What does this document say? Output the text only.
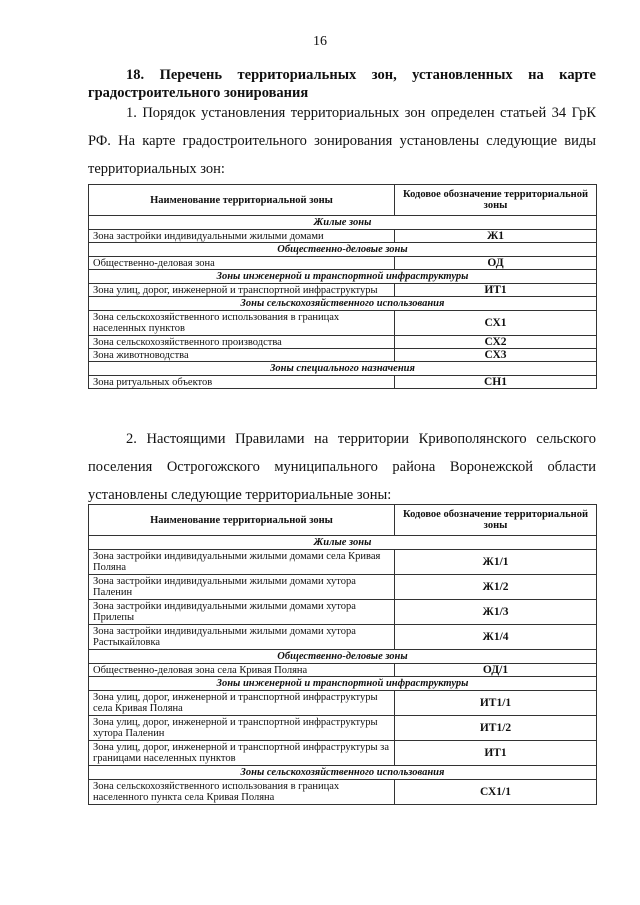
16
18. Перечень территориальных зон, установленных на карте градостроительного зонирования
1. Порядок установления территориальных зон определен статьей 34 ГрК РФ. На карте градостроительного зонирования установлены следующие виды территориальных зон:
Наименование территориальной зоны	Кодовое обозначение территориальной зоны
Жилые зоны	
Зона застройки индивидуальными жилыми домами	Ж1
Общественно-деловые зоны	
Общественно-деловая зона	ОД
Зоны инженерной и транспортной инфраструктуры	
Зона улиц, дорог, инженерной и транспортной инфраструктуры	ИТ1
Зоны сельскохозяйственного использования	
Зона сельскохозяйственного использования в границах населенных пунктов	СХ1
Зона сельскохозяйственного производства	СХ2
Зона животноводства	СХ3
Зоны специального назначения	
Зона ритуальных объектов	СН1
2. Настоящими Правилами на территории Кривополянского сельского поселения Острогожского муниципального района Воронежской области установлены следующие территориальные зоны:
Наименование территориальной зоны	Кодовое обозначение территориальной зоны
Жилые зоны	
Зона застройки индивидуальными жилыми домами села Кривая Поляна	Ж1/1
Зона застройки индивидуальными жилыми домами хутора Паленин	Ж1/2
Зона застройки индивидуальными жилыми домами хутора Прилепы	Ж1/3
Зона застройки индивидуальными жилыми домами хутора Растыкайловка	Ж1/4
Общественно-деловые зоны	
Общественно-деловая зона села Кривая Поляна	ОД/1
Зоны инженерной и транспортной инфраструктуры	
Зона улиц, дорог, инженерной и транспортной инфраструктуры села Кривая Поляна	ИТ1/1
Зона улиц, дорог, инженерной и транспортной инфраструктуры хутора Паленин	ИТ1/2
Зона улиц, дорог, инженерной и транспортной инфраструктуры за границами населенных пунктов	ИТ1
Зоны сельскохозяйственного использования	
Зона сельскохозяйственного использования в границах населенного пункта села Кривая Поляна	СХ1/1
